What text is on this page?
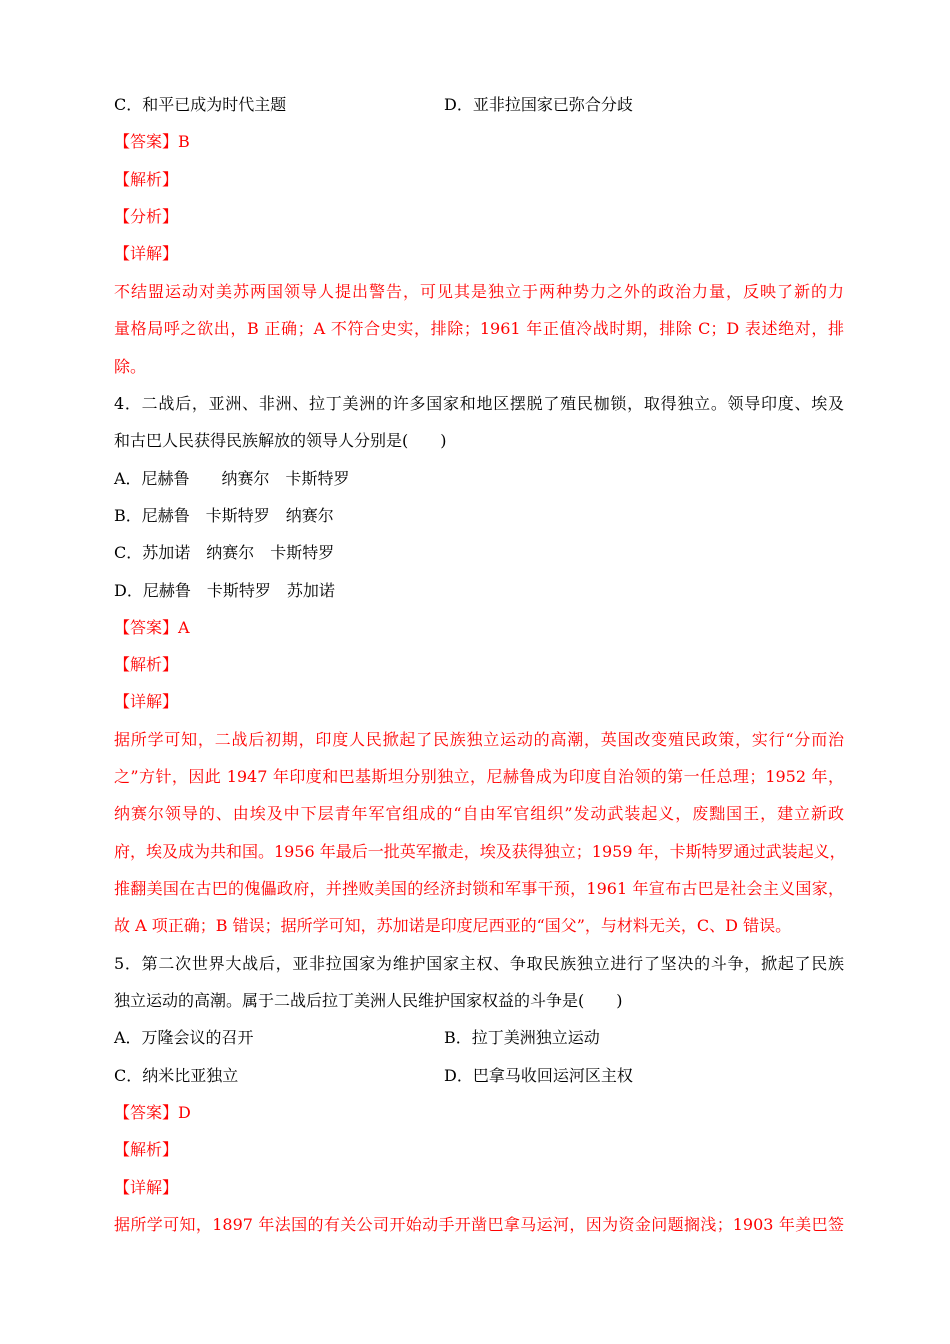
C．和平已成为时代主题	D．亚非拉国家已弥合分歧
【答案】B
【解析】
【分析】
【详解】
不结盟运动对美苏两国领导人提出警告，可见其是独立于两种势力之外的政治力量，反映了新的力
量格局呼之欲出，B 正确；A 不符合史实，排除；1961 年正值冷战时期，排除 C；D 表述绝对，排
除。
4．二战后，亚洲、非洲、拉丁美洲的许多国家和地区摆脱了殖民枷锁，取得独立。领导印度、埃及
和古巴人民获得民族解放的领导人分别是(　　)
A．尼赫鲁　　纳赛尔　卡斯特罗
B．尼赫鲁　卡斯特罗　纳赛尔
C．苏加诺　纳赛尔　卡斯特罗
D．尼赫鲁　卡斯特罗　苏加诺
【答案】A
【解析】
【详解】
据所学可知，二战后初期，印度人民掀起了民族独立运动的高潮，英国改变殖民政策，实行“分而治
之”方针，因此 1947 年印度和巴基斯坦分别独立，尼赫鲁成为印度自治领的第一任总理；1952 年，
纳赛尔领导的、由埃及中下层青年军官组成的“自由军官组织”发动武装起义，废黜国王，建立新政
府，埃及成为共和国。1956 年最后一批英军撤走，埃及获得独立；1959 年，卡斯特罗通过武装起义，
推翻美国在古巴的傀儡政府，并挫败美国的经济封锁和军事干预，1961 年宣布古巴是社会主义国家，
故 A 项正确；B 错误；据所学可知，苏加诺是印度尼西亚的“国父”，与材料无关，C、D 错误。
5．第二次世界大战后，亚非拉国家为维护国家主权、争取民族独立进行了坚决的斗争，掀起了民族
独立运动的高潮。属于二战后拉丁美洲人民维护国家权益的斗争是(　　)
A．万隆会议的召开	B．拉丁美洲独立运动
C．纳米比亚独立	D．巴拿马收回运河区主权
【答案】D
【解析】
【详解】
据所学可知，1897 年法国的有关公司开始动手开凿巴拿马运河，因为资金问题搁浅；1903 年美巴签
